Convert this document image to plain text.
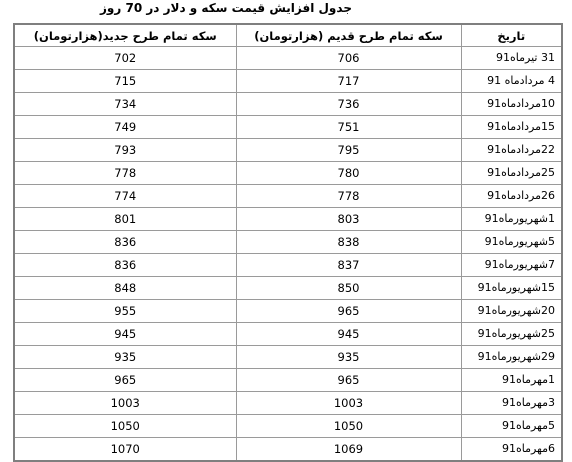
جدول افزایش قیمت سکه و دلار در 70 روز
سکه تمام طرح جدید(هزارتومان)	سکه تمام طرح قدیم (هزارتومان)	تاریخ
702	706	31 تیرماه91
715	717	4 مردادماه 91
734	736	10مردادماه91
749	751	15مردادماه91
793	795	22مردادماه91
778	780	25مردادماه91
774	778	26مردادماه91
801	803	1شهریورماه91
836	838	5شهریورماه91
836	837	7شهریورماه91
848	850	15شهریورماه91
955	965	20شهریورماه91
945	945	25شهریورماه91
935	935	29شهریورماه91
965	965	1مهرماه91
1003	1003	3مهرماه91
1050	1050	5مهرماه91
1070	1069	6مهرماه91
